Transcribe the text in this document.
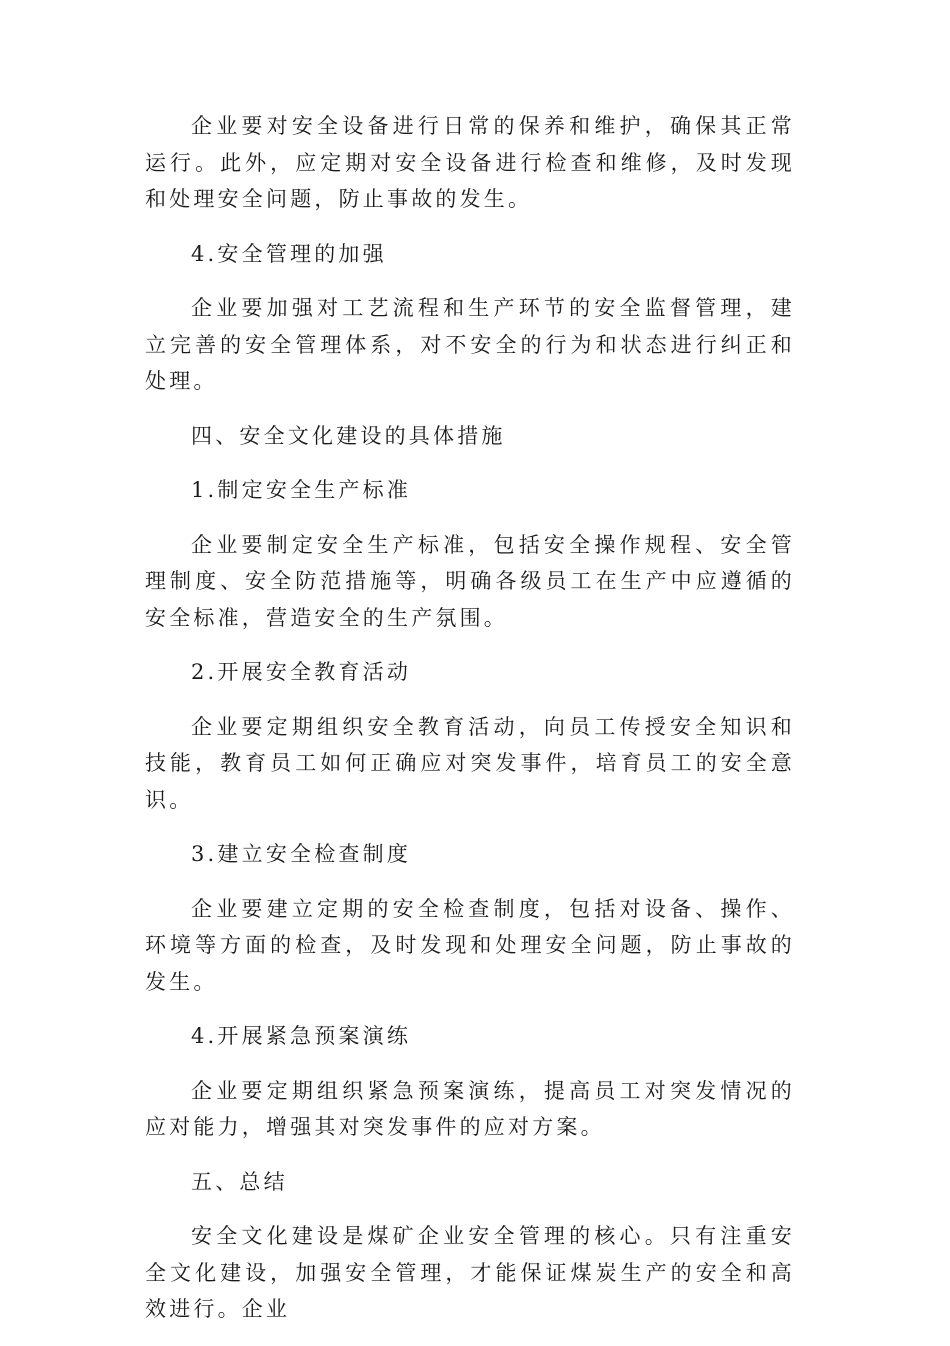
企业要对安全设备进行日常的保养和维护，确保其正常运行。此外，应定期对安全设备进行检查和维修，及时发现和处理安全问题，防止事故的发生。

4.安全管理的加强

企业要加强对工艺流程和生产环节的安全监督管理，建立完善的安全管理体系，对不安全的行为和状态进行纠正和处理。

四、安全文化建设的具体措施

1.制定安全生产标准

企业要制定安全生产标准，包括安全操作规程、安全管理制度、安全防范措施等，明确各级员工在生产中应遵循的安全标准，营造安全的生产氛围。

2.开展安全教育活动

企业要定期组织安全教育活动，向员工传授安全知识和技能，教育员工如何正确应对突发事件，培育员工的安全意识。

3.建立安全检查制度

企业要建立定期的安全检查制度，包括对设备、操作、环境等方面的检查，及时发现和处理安全问题，防止事故的发生。

4.开展紧急预案演练

企业要定期组织紧急预案演练，提高员工对突发情况的应对能力，增强其对突发事件的应对方案。

五、总结

安全文化建设是煤矿企业安全管理的核心。只有注重安全文化建设，加强安全管理，才能保证煤炭生产的安全和高效进行。企业
